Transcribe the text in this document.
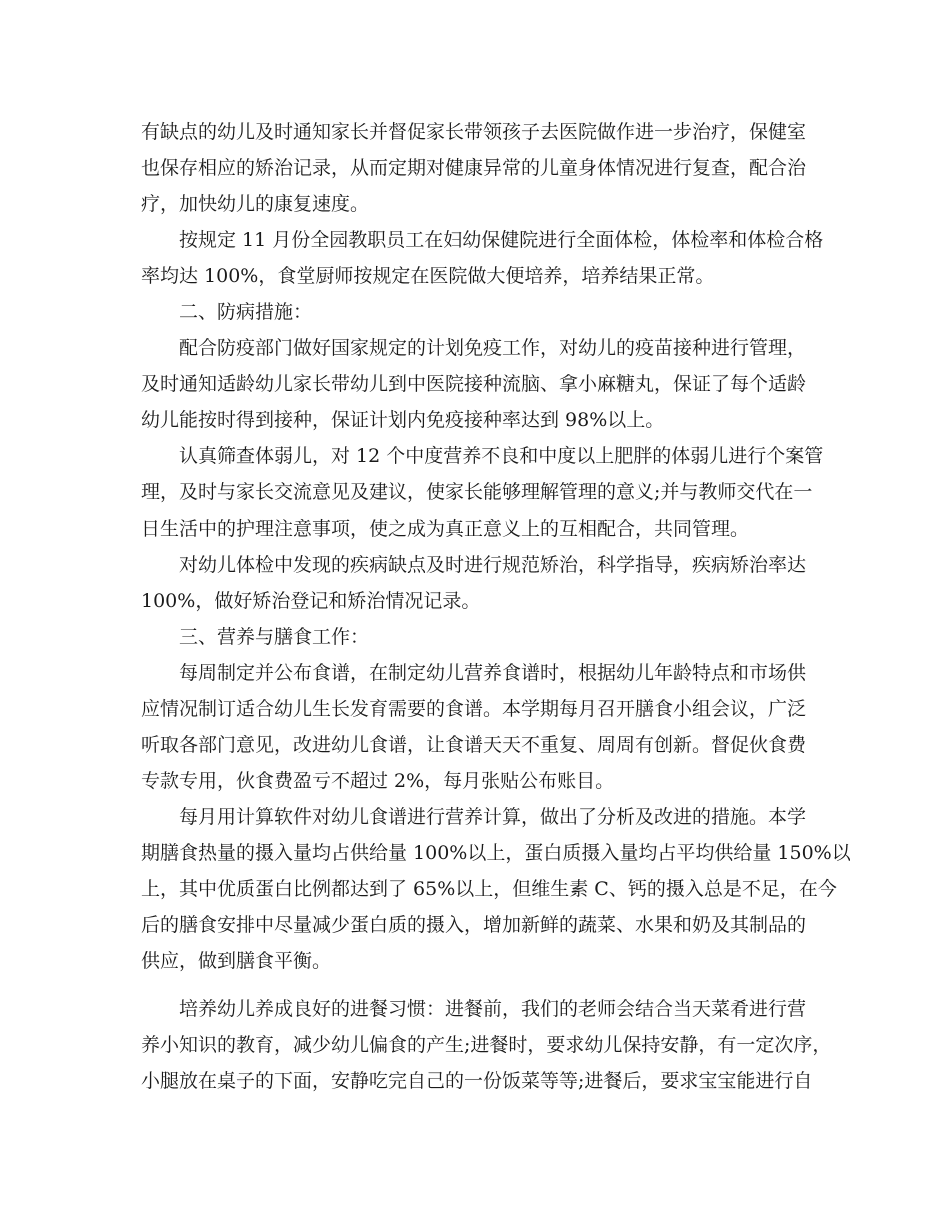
有缺点的幼儿及时通知家长并督促家长带领孩子去医院做作进一步治疗，保健室
也保存相应的矫治记录，从而定期对健康异常的儿童身体情况进行复查，配合治
疗，加快幼儿的康复速度。
按规定 11 月份全园教职员工在妇幼保健院进行全面体检，体检率和体检合格
率均达 100%，食堂厨师按规定在医院做大便培养，培养结果正常。
二、防病措施：
配合防疫部门做好国家规定的计划免疫工作，对幼儿的疫苗接种进行管理，
及时通知适龄幼儿家长带幼儿到中医院接种流脑、拿小麻糖丸，保证了每个适龄
幼儿能按时得到接种，保证计划内免疫接种率达到 98%以上。
认真筛查体弱儿，对 12 个中度营养不良和中度以上肥胖的体弱儿进行个案管
理，及时与家长交流意见及建议，使家长能够理解管理的意义;并与教师交代在一
日生活中的护理注意事项，使之成为真正意义上的互相配合，共同管理。
对幼儿体检中发现的疾病缺点及时进行规范矫治，科学指导，疾病矫治率达
100%，做好矫治登记和矫治情况记录。
三、营养与膳食工作：
每周制定并公布食谱，在制定幼儿营养食谱时，根据幼儿年龄特点和市场供
应情况制订适合幼儿生长发育需要的食谱。本学期每月召开膳食小组会议，广泛
听取各部门意见，改进幼儿食谱，让食谱天天不重复、周周有创新。督促伙食费
专款专用，伙食费盈亏不超过 2%，每月张贴公布账目。
每月用计算软件对幼儿食谱进行营养计算，做出了分析及改进的措施。本学
期膳食热量的摄入量均占供给量 100%以上，蛋白质摄入量均占平均供给量 150%以
上，其中优质蛋白比例都达到了 65%以上，但维生素 C、钙的摄入总是不足，在今
后的膳食安排中尽量减少蛋白质的摄入，增加新鲜的蔬菜、水果和奶及其制品的
供应，做到膳食平衡。
培养幼儿养成良好的进餐习惯：进餐前，我们的老师会结合当天菜肴进行营
养小知识的教育，减少幼儿偏食的产生;进餐时，要求幼儿保持安静，有一定次序，
小腿放在桌子的下面，安静吃完自己的一份饭菜等等;进餐后，要求宝宝能进行自
